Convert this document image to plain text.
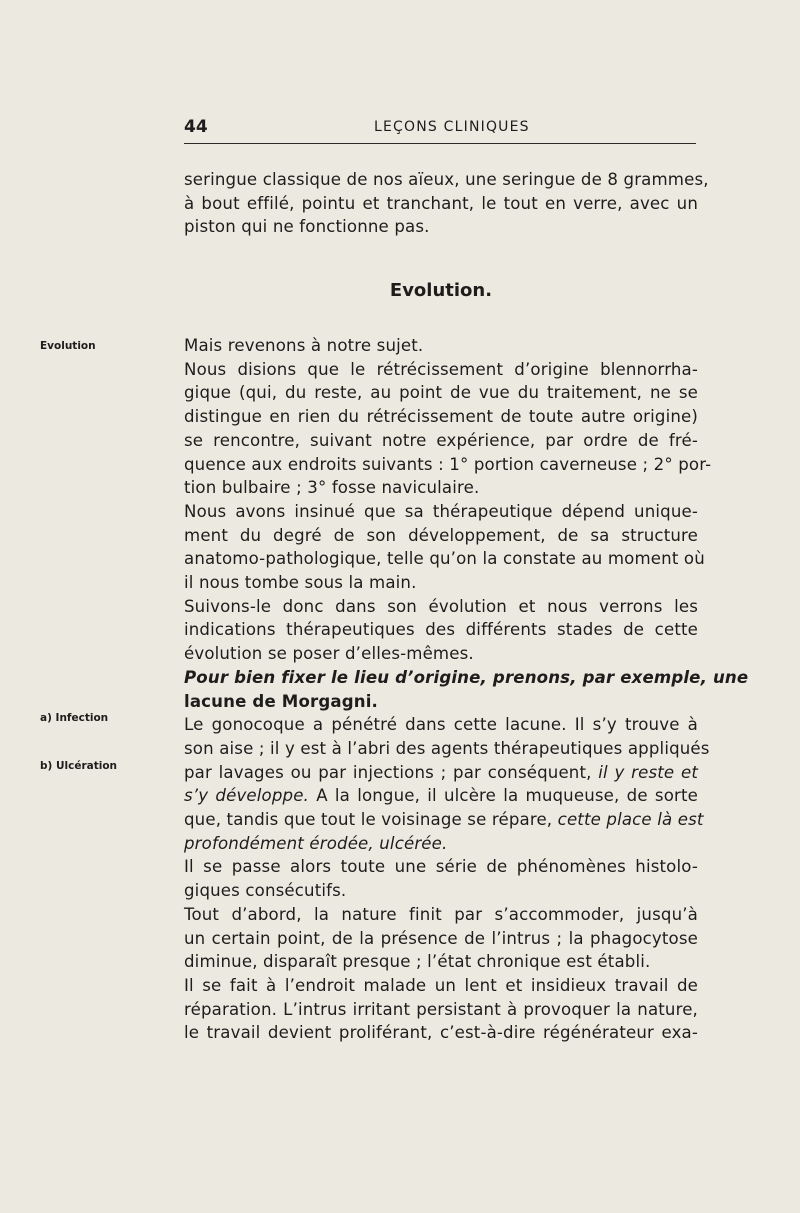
44	LEÇONS CLINIQUES
seringue classique de nos aïeux, une seringue de 8 grammes,
à bout effilé, pointu et tranchant, le tout en verre, avec un
piston qui ne fonctionne pas.
Evolution.
Evolution
a) Infection
b) Ulcération
Mais revenons à notre sujet.
Nous disions que le rétrécissement d’origine blennorrha-
gique (qui, du reste, au point de vue du traitement, ne se
distingue en rien du rétrécissement de toute autre origine)
se rencontre, suivant notre expérience, par ordre de fré-
quence aux endroits suivants : 1° portion caverneuse ; 2° por-
tion bulbaire ; 3° fosse naviculaire.
Nous avons insinué que sa thérapeutique dépend unique-
ment du degré de son développement, de sa structure
anatomo-pathologique, telle qu’on la constate au moment où
il nous tombe sous la main.
Suivons-le donc dans son évolution et nous verrons les
indications thérapeutiques des différents stades de cette
évolution se poser d’elles-mêmes.
Pour bien fixer le lieu d’origine, prenons, par exemple, une
lacune de Morgagni.
Le gonocoque a pénétré dans cette lacune. Il s’y trouve à
son aise ; il y est à l’abri des agents thérapeutiques appliqués
par lavages ou par injections ; par conséquent, il y reste et
s’y développe. A la longue, il ulcère la muqueuse, de sorte
que, tandis que tout le voisinage se répare, cette place là est
profondément érodée, ulcérée.
Il se passe alors toute une série de phénomènes histolo-
giques consécutifs.
Tout d’abord, la nature finit par s’accommoder, jusqu’à
un certain point, de la présence de l’intrus ; la phagocytose
diminue, disparaît presque ; l’état chronique est établi.
Il se fait à l’endroit malade un lent et insidieux travail de
réparation. L’intrus irritant persistant à provoquer la nature,
le travail devient proliférant, c’est-à-dire régénérateur exa-
